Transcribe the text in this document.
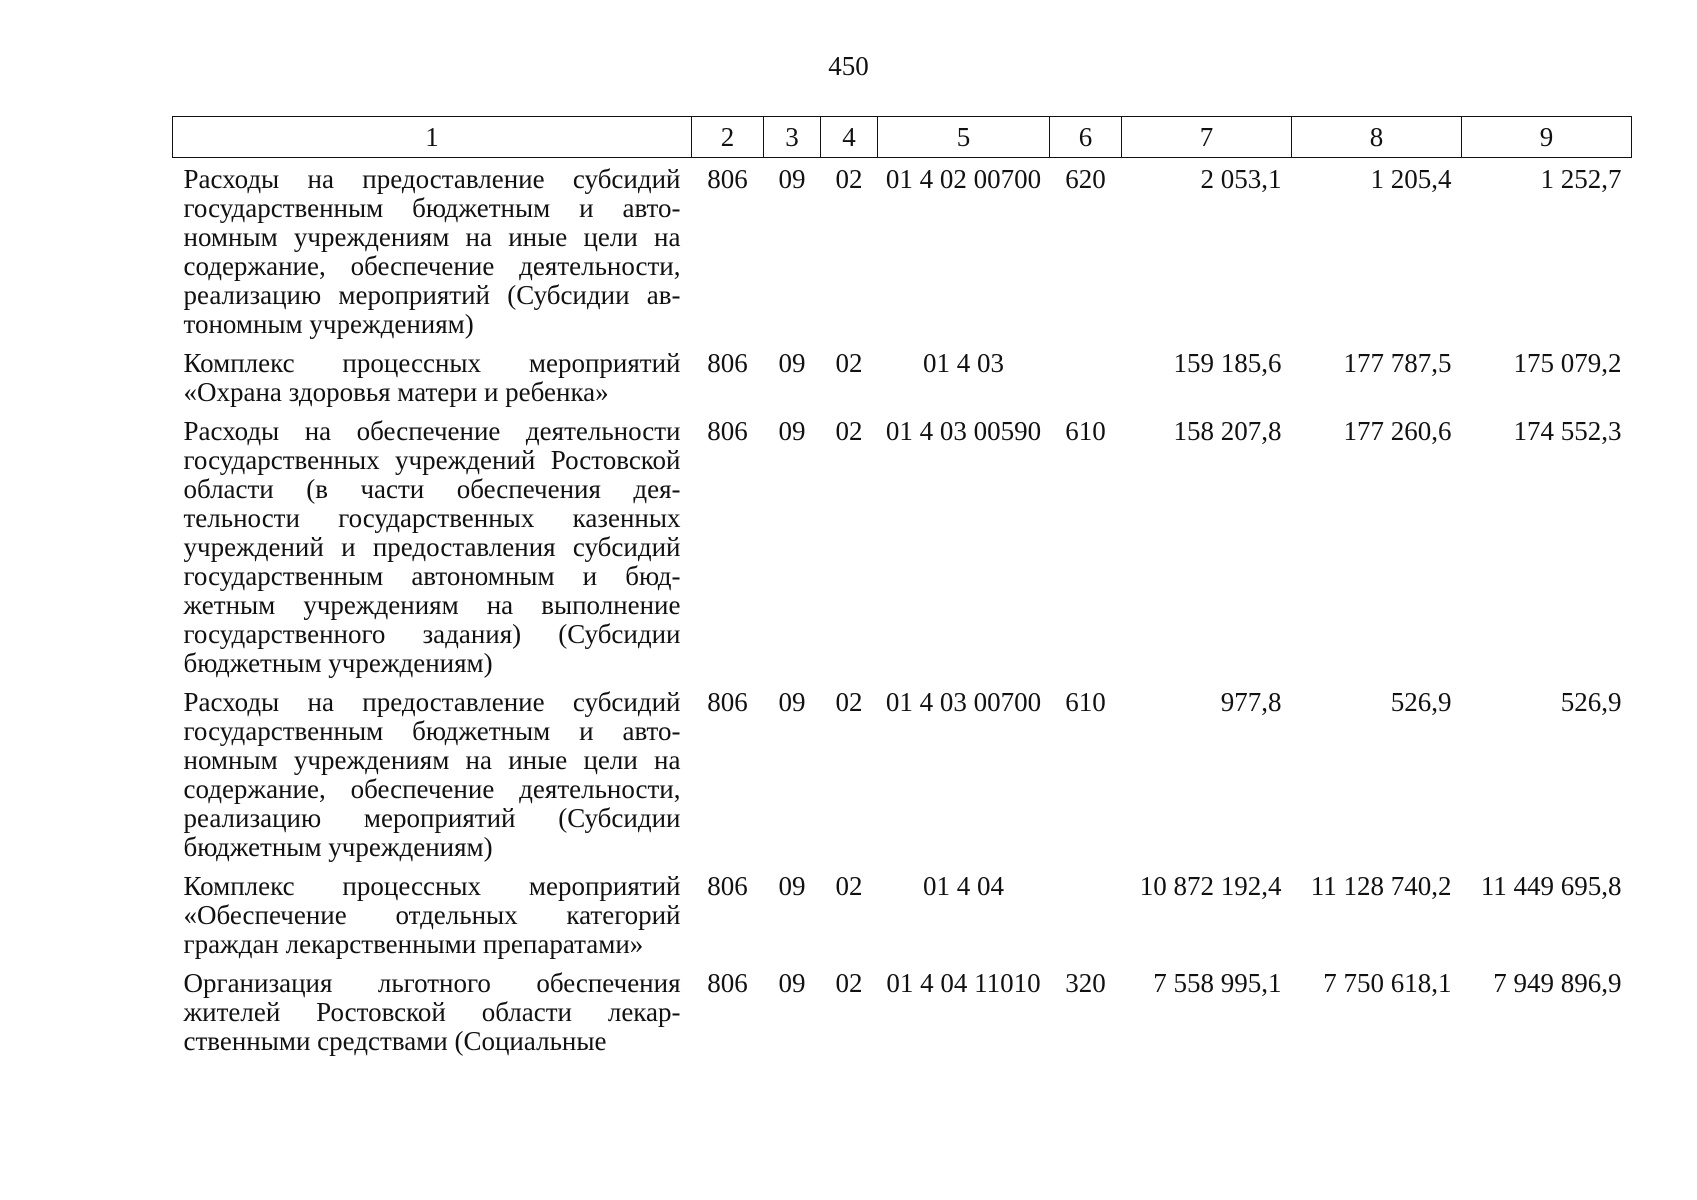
450
1	2	3	4	5	6	7	8	9
Расходы на предоставление субсидий государственным бюджетным и автономным учреждениям на иные цели на содержание, обеспечение деятельности, реализацию мероприятий (Субсидии автономным учреждениям)	806	09	02	01 4 02 00700	620	2 053,1	1 205,4	1 252,7
Комплекс процессных мероприятий «Охрана здоровья матери и ребенка»	806	09	02	01 4 03		159 185,6	177 787,5	175 079,2
Расходы на обеспечение деятельности государственных учреждений Ростовской области (в части обеспечения деятельности государственных казенных учреждений и предоставления субсидий государственным автономным и бюджетным учреждениям на выполнение государственного задания) (Субсидии бюджетным учреждениям)	806	09	02	01 4 03 00590	610	158 207,8	177 260,6	174 552,3
Расходы на предоставление субсидий государственным бюджетным и автономным учреждениям на иные цели на содержание, обеспечение деятельности, реализацию мероприятий (Субсидии бюджетным учреждениям)	806	09	02	01 4 03 00700	610	977,8	526,9	526,9
Комплекс процессных мероприятий «Обеспечение отдельных категорий граждан лекарственными препаратами»	806	09	02	01 4 04		10 872 192,4	11 128 740,2	11 449 695,8
Организация льготного обеспечения жителей Ростовской области лекарственными средствами (Социальные	806	09	02	01 4 04 11010	320	7 558 995,1	7 750 618,1	7 949 896,9
